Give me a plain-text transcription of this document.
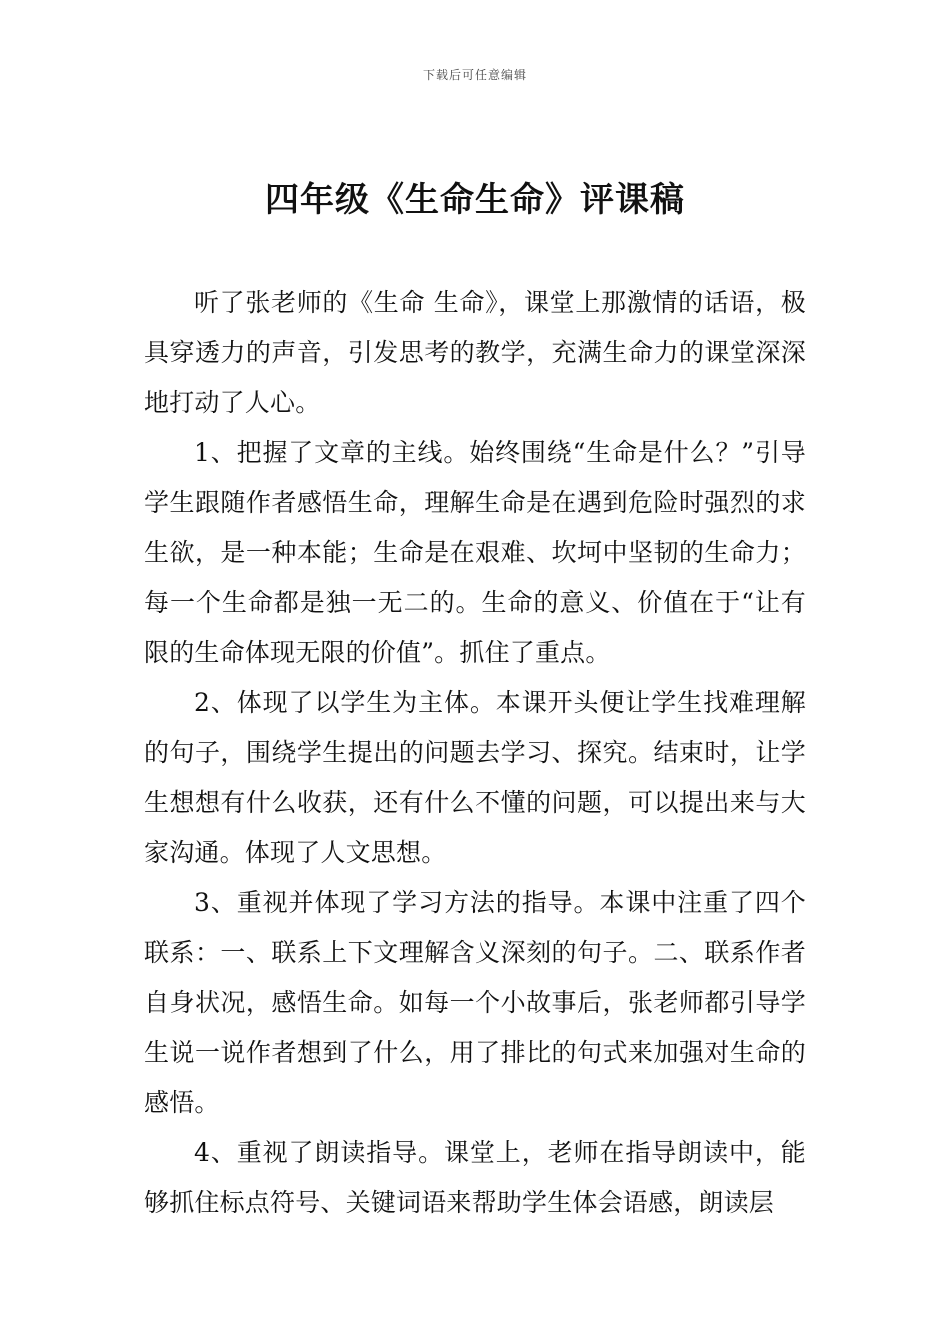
下载后可任意编辑
四年级《生命生命》评课稿

听了张老师的《生命 生命》，课堂上那激情的话语，极具穿透力的声音，引发思考的教学，充满生命力的课堂深深地打动了人心。

1、把握了文章的主线。始终围绕“生命是什么？”引导学生跟随作者感悟生命，理解生命是在遇到危险时强烈的求生欲，是一种本能；生命是在艰难、坎坷中坚韧的生命力；每一个生命都是独一无二的。生命的意义、价值在于“让有限的生命体现无限的价值”。抓住了重点。

2、体现了以学生为主体。本课开头便让学生找难理解的句子，围绕学生提出的问题去学习、探究。结束时，让学生想想有什么收获，还有什么不懂的问题，可以提出来与大家沟通。体现了人文思想。

3、重视并体现了学习方法的指导。本课中注重了四个联系：一、联系上下文理解含义深刻的句子。二、联系作者自身状况，感悟生命。如每一个小故事后，张老师都引导学生说一说作者想到了什么，用了排比的句式来加强对生命的感悟。

4、重视了朗读指导。课堂上，老师在指导朗读中，能够抓住标点符号、关键词语来帮助学生体会语感，朗读层
